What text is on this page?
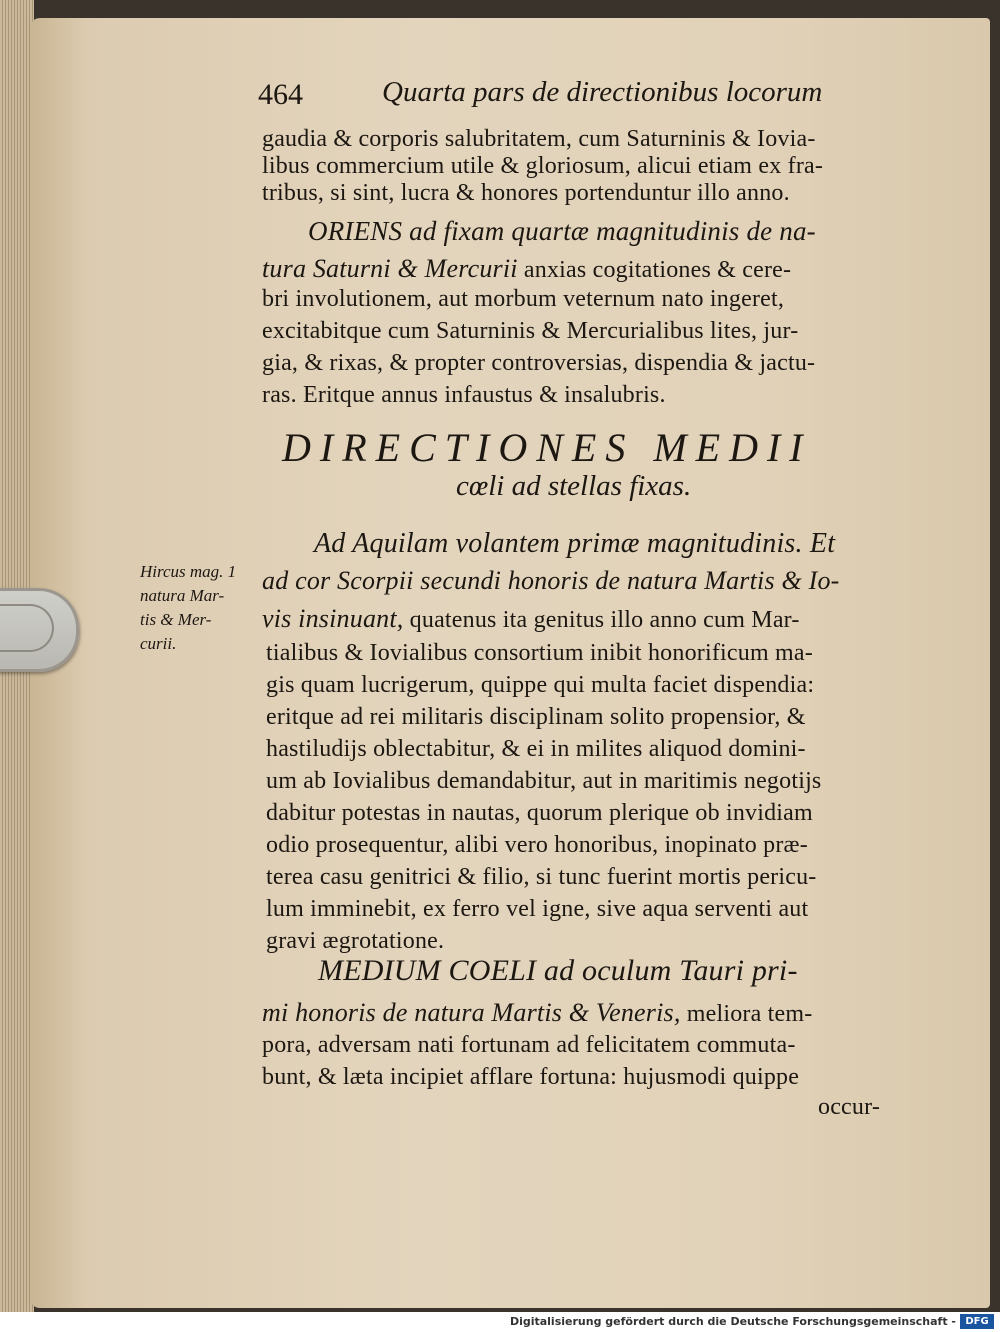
464	Quarta pars de directionibus locorum
gaudia & corporis salubritatem, cum Saturninis & Iovia-
libus commercium utile & gloriosum, alicui etiam ex fra-
tribus, si sint, lucra & honores portenduntur illo anno.
ORIENS ad fixam quartæ magnitudinis de na-
tura Saturni & Mercurii anxias cogitationes & cere-
bri involutionem, aut morbum veternum nato ingeret,
excitabitque cum Saturninis & Mercurialibus lites, jur-
gia, & rixas, & propter controversias, dispendia & jactu-
ras. Eritque annus infaustus & insalubris.
DIRECTIONES MEDII
cœli ad stellas fixas.
Ad Aquilam volantem primæ magnitudinis. Et
ad cor Scorpii secundi honoris de natura Martis & Io-
vis insinuant, quatenus ita genitus illo anno cum Mar-
tialibus & Iovialibus consortium inibit honorificum ma-
gis quam lucrigerum, quippe qui multa faciet dispendia:
eritque ad rei militaris disciplinam solito propensior, &
hastiludijs oblectabitur, & ei in milites aliquod domini-
um ab Iovialibus demandabitur, aut in maritimis negotijs
dabitur potestas in nautas, quorum plerique ob invidiam
odio prosequentur, alibi vero honoribus, inopinato præ-
terea casu genitrici & filio, si tunc fuerint mortis pericu-
lum imminebit, ex ferro vel igne, sive aqua serventi aut
gravi ægrotatione.
MEDIUM COELI ad oculum Tauri pri-
mi honoris de natura Martis & Veneris, meliora tem-
pora, adversam nati fortunam ad felicitatem commuta-
bunt, & læta incipiet afflare fortuna: hujusmodi quippe
occur-
Hircus mag. 1
natura Mar-
tis & Mer-
curii.
Digitalisierung gefördert durch die Deutsche Forschungsgemeinschaft - DFG
